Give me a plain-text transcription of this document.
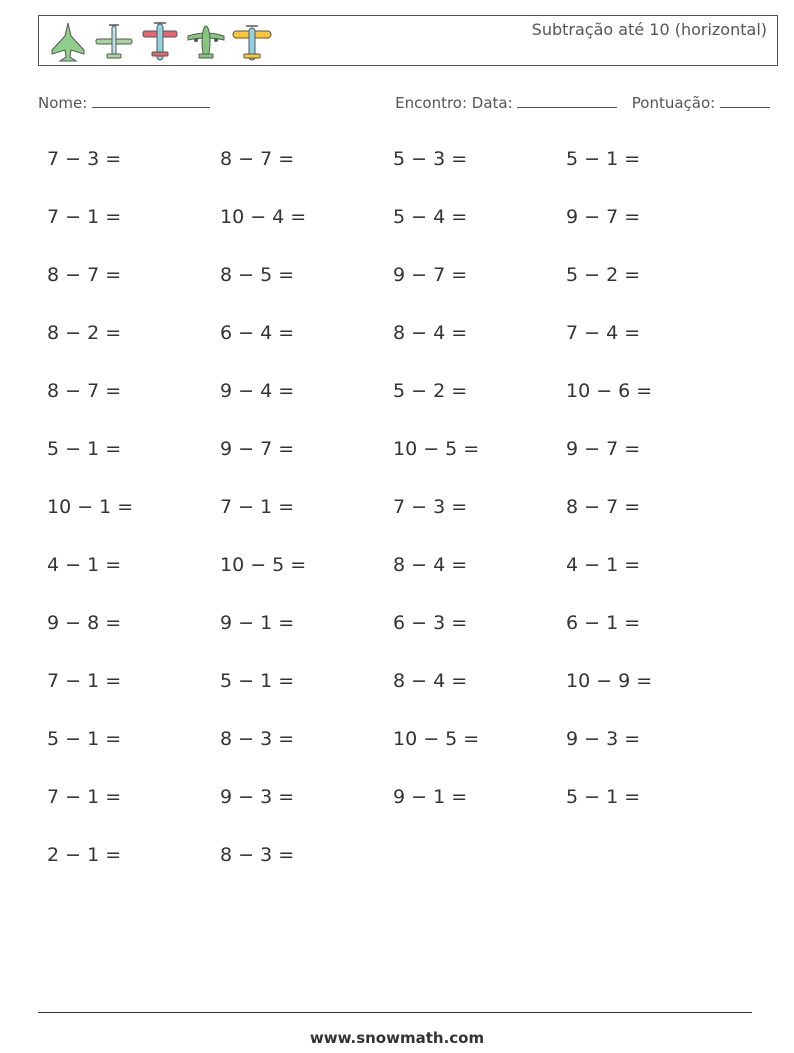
Subtração até 10 (horizontal)
Nome:	Encontro: Data:	Pontuação:
7 − 3 =	8 − 7 =	5 − 3 =	5 − 1 =
7 − 1 =	10 − 4 =	5 − 4 =	9 − 7 =
8 − 7 =	8 − 5 =	9 − 7 =	5 − 2 =
8 − 2 =	6 − 4 =	8 − 4 =	7 − 4 =
8 − 7 =	9 − 4 =	5 − 2 =	10 − 6 =
5 − 1 =	9 − 7 =	10 − 5 =	9 − 7 =
10 − 1 =	7 − 1 =	7 − 3 =	8 − 7 =
4 − 1 =	10 − 5 =	8 − 4 =	4 − 1 =
9 − 8 =	9 − 1 =	6 − 3 =	6 − 1 =
7 − 1 =	5 − 1 =	8 − 4 =	10 − 9 =
5 − 1 =	8 − 3 =	10 − 5 =	9 − 3 =
7 − 1 =	9 − 3 =	9 − 1 =	5 − 1 =
2 − 1 =	8 − 3 =
www.snowmath.com
